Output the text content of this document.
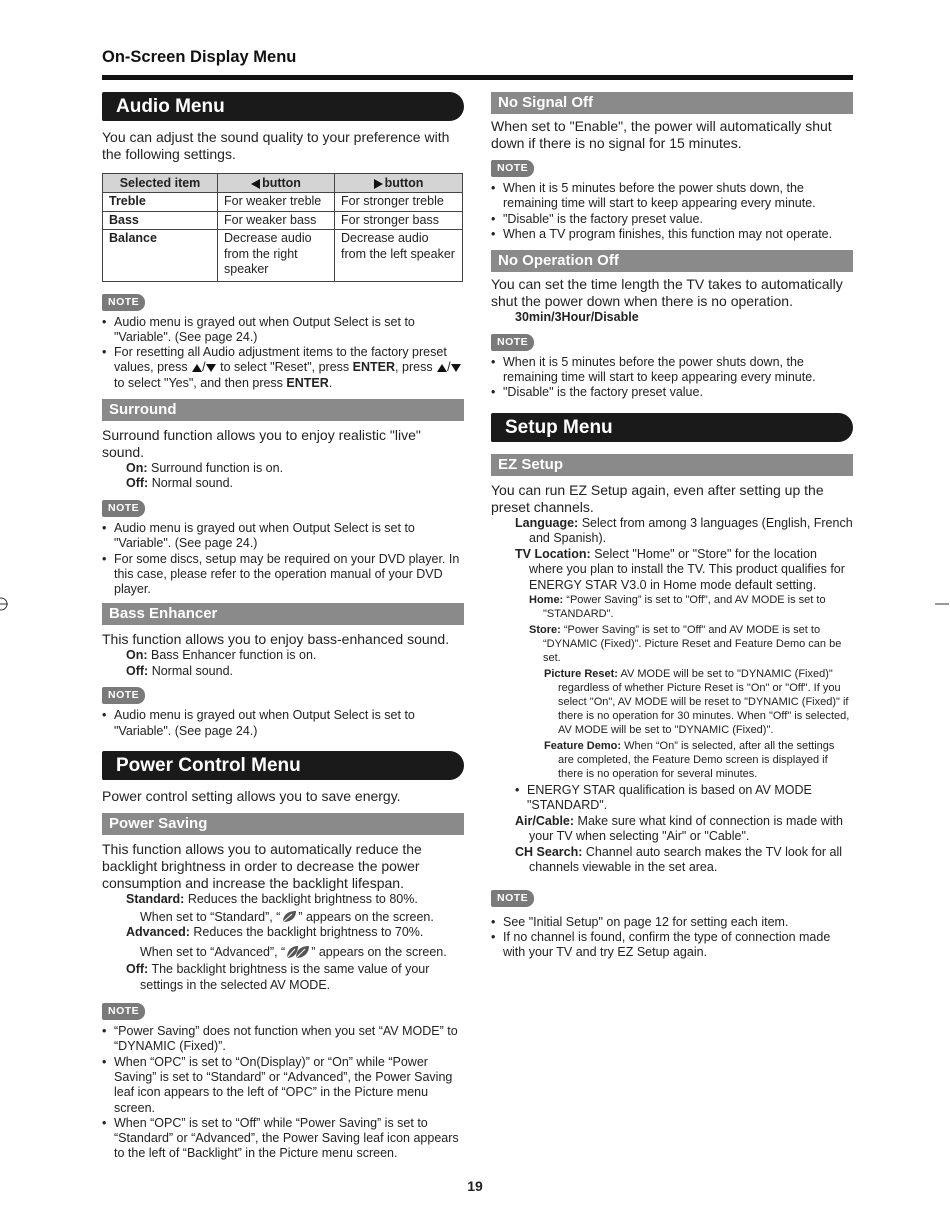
On-Screen Display Menu
Audio Menu
You can adjust the sound quality to your preference with the following settings.
Selected item	button	button
Treble	For weaker treble	For stronger treble
Bass	For weaker bass	For stronger bass
Balance	Decrease audio from the right speaker	Decrease audio from the left speaker
NOTE
• Audio menu is grayed out when Output Select is set to "Variable". (See page 24.)
• For resetting all Audio adjustment items to the factory preset values, press / to select "Reset", press ENTER, press / to select "Yes", and then press ENTER.
Surround
Surround function allows you to enjoy realistic "live" sound.
On: Surround function is on.
Off: Normal sound.
NOTE
• Audio menu is grayed out when Output Select is set to "Variable". (See page 24.)
• For some discs, setup may be required on your DVD player. In this case, please refer to the operation manual of your DVD player.
Bass Enhancer
This function allows you to enjoy bass-enhanced sound.
On: Bass Enhancer function is on.
Off: Normal sound.
NOTE
• Audio menu is grayed out when Output Select is set to "Variable". (See page 24.)
Power Control Menu
Power control setting allows you to save energy.
Power Saving
This function allows you to automatically reduce the backlight brightness in order to decrease the power consumption and increase the backlight lifespan.
Standard: Reduces the backlight brightness to 80%.
When set to “Standard”, “ ” appears on the screen.
Advanced: Reduces the backlight brightness to 70%.
When set to “Advanced”, “ ” appears on the screen.
Off: The backlight brightness is the same value of your settings in the selected AV MODE.
NOTE
• “Power Saving” does not function when you set “AV MODE” to “DYNAMIC (Fixed)”.
• When “OPC” is set to “On(Display)” or “On” while “Power Saving” is set to “Standard” or “Advanced”, the Power Saving leaf icon appears to the left of “OPC” in the Picture menu screen.
• When “OPC” is set to “Off” while “Power Saving” is set to “Standard” or “Advanced”, the Power Saving leaf icon appears to the left of “Backlight” in the Picture menu screen.
No Signal Off
When set to "Enable", the power will automatically shut down if there is no signal for 15 minutes.
NOTE
• When it is 5 minutes before the power shuts down, the remaining time will start to keep appearing every minute.
• "Disable" is the factory preset value.
• When a TV program finishes, this function may not operate.
No Operation Off
You can set the time length the TV takes to automatically shut the power down when there is no operation.
30min/3Hour/Disable
NOTE
• When it is 5 minutes before the power shuts down, the remaining time will start to keep appearing every minute.
• "Disable" is the factory preset value.
Setup Menu
EZ Setup
You can run EZ Setup again, even after setting up the preset channels.
Language: Select from among 3 languages (English, French and Spanish).
TV Location: Select "Home" or "Store" for the location where you plan to install the TV. This product qualifies for ENERGY STAR V3.0 in Home mode default setting.
Home: “Power Saving” is set to "Off", and AV MODE is set to "STANDARD".
Store: “Power Saving” is set to "Off" and AV MODE is set to “DYNAMIC (Fixed)”. Picture Reset and Feature Demo can be set.
Picture Reset: AV MODE will be set to "DYNAMIC (Fixed)" regardless of whether Picture Reset is "On" or "Off". If you select "On", AV MODE will be reset to "DYNAMIC (Fixed)" if there is no operation for 30 minutes. When "Off" is selected, AV MODE will be set to "DYNAMIC (Fixed)".
Feature Demo: When “On” is selected, after all the settings are completed, the Feature Demo screen is displayed if there is no operation for several minutes.
• ENERGY STAR qualification is based on AV MODE "STANDARD".
Air/Cable: Make sure what kind of connection is made with your TV when selecting "Air" or "Cable".
CH Search: Channel auto search makes the TV look for all channels viewable in the set area.
NOTE
• See "Initial Setup" on page 12 for setting each item.
• If no channel is found, confirm the type of connection made with your TV and try EZ Setup again.
19
